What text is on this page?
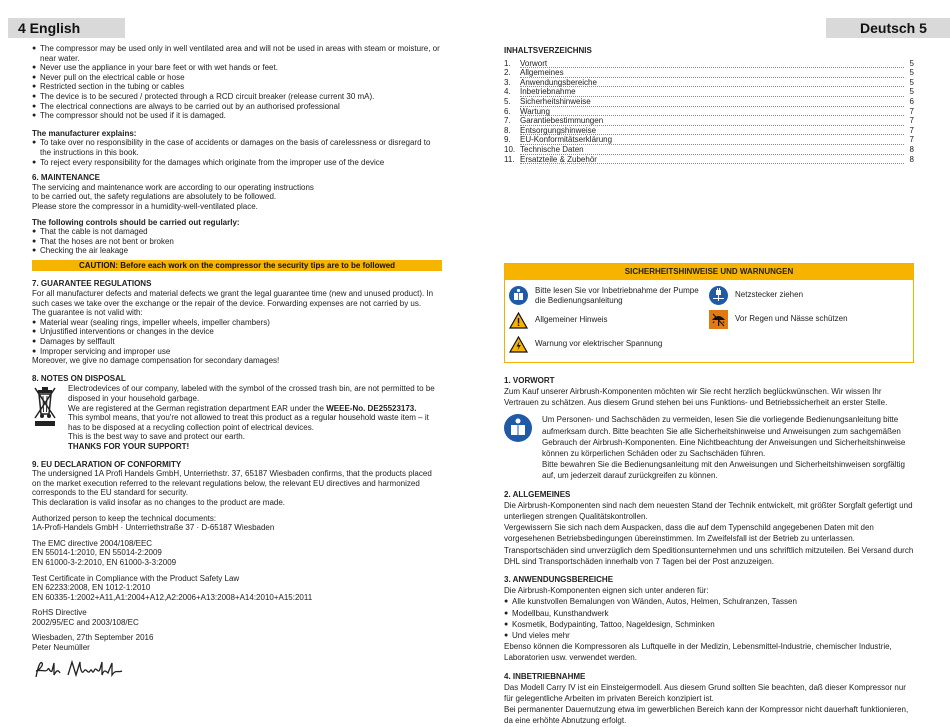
4 English
● The compressor may be used only in well ventilated area and will not be used in areas with steam or moisture, or near water.
● Never use the appliance in your bare feet or with wet hands or feet.
● Never pull on the electrical cable or hose
● Restricted section in the tubing or cables
● The device is to be secured / protected through a RCD circuit breaker (release current 30 mA).
● The electrical connections are always to be carried out by an authorised professional
● The compressor should not be used if it is damaged.
The manufacturer explains:
● To take over no responsibility in the case of accidents or damages on the basis of carelessness or disregard to the instructions in this book.
● To reject every responsibility for the damages which originate from the improper use of the device
6. MAINTENANCE
The servicing and maintenance work are according to our operating instructions
to be carried out, the safety regulations are absolutely to be followed.
Please store the compressor in a humidity-well-ventilated place.
The following controls should be carried out regularly:
● That the cable is not damaged
● That the hoses are not bent or broken
● Checking the air leakage
CAUTION: Before each work on the compressor the security tips are to be followed
7. GUARANTEE REGULATIONS
For all manufacturer defects and material defects we grant the legal guarantee time (new and unused product). In such cases we take over the exchange or the repair of the device. Forwarding expenses are not carried by us.
The guarantee is not valid with:
● Material wear (sealing rings, impeller wheels, impeller chambers)
● Unjustified interventions or changes in the device
● Damages by selffault
● Improper servicing and improper use
Moreover, we give no damage compensation for secondary damages!
8. NOTES ON DISPOSAL
Electrodevices of our company, labeled with the symbol of the crossed trash bin, are not permitted to be disposed in your household garbage.
We are registered at the German registration department EAR under the WEEE-No. DE25523173.
This symbol means, that you're not allowed to treat this product as a regular household waste item – it has to be disposed at a recycling collection point of electrical devices.
This is the best way to save and protect our earth.
THANKS FOR YOUR SUPPORT!
9. EU DECLARATION OF CONFORMITY
The undersigned 1A Profi Handels GmbH, Unterriethstr. 37, 65187 Wiesbaden confirms, that the products placed on the market execution referred to the relevant regulations below, the relevant EU directives and harmonized corresponds to the EU standard for security.
This declaration is valid insofar as no changes to the product are made.
Authorized person to keep the technical documents:
1A-Profi-Handels GmbH · Unterriethstraße 37 · D-65187 Wiesbaden
The EMC directive 2004/108/EEC
EN 55014-1:2010, EN 55014-2:2009
EN 61000-3-2:2010, EN 61000-3-3:2009
Test Certificate in Compliance with the Product Safety Law
EN 62233:2008, EN 1012-1:2010
EN 60335-1:2002+A11,A1:2004+A12,A2:2006+A13:2008+A14:2010+A15:2011
RoHS Directive
2002/95/EC and 2003/108/EC
Wiesbaden, 27th September 2016
Peter Neumüller
Deutsch 5
INHALTSVERZEICHNIS
1.	Vorwort	5
2.	Allgemeines	5
3.	Anwendungsbereiche	5
4.	Inbetriebnahme	5
5.	Sicherheitshinweise	6
6.	Wartung	7
7.	Garantiebestimmungen	7
8.	Entsorgungshinweise	7
9.	EU-Konformitätserklärung	7
10. Technische Daten	8
11. Ersatzteile & Zubehör	8
SICHERHEITSHINWEISE UND WARNUNGEN
Bitte lesen Sie vor Inbetriebnahme der Pumpe die Bedienungsanleitung
Allgemeiner Hinweis
Warnung vor elektrischer Spannung
Netzstecker ziehen
Vor Regen und Nässe schützen
1. VORWORT
Zum Kauf unserer Airbrush-Komponenten möchten wir Sie recht herzlich beglückwünschen. Wir wissen Ihr Vertrauen zu schätzen. Aus diesem Grund stehen bei uns Funktions- und Betriebssicherheit an erster Stelle.
Um Personen- und Sachschäden zu vermeiden, lesen Sie die vorliegende Bedienungsanleitung bitte aufmerksam durch. Bitte beachten Sie alle Sicherheitshinweise und Anweisungen zum sachgemäßen Gebrauch der Airbrush-Komponenten. Eine Nichtbeachtung der Anweisungen und Sicherheitshinweise können zu körperlichen Schäden oder zu Sachschäden führen.
Bitte bewahren Sie die Bedienungsanleitung mit den Anweisungen und Sicherheitshinweisen sorgfältig auf, um jederzeit darauf zurückgreifen zu können.
2. ALLGEMEINES
Die Airbrush-Komponenten sind nach dem neuesten Stand der Technik entwickelt, mit größter Sorgfalt gefertigt und unterliegen strengen Qualitätskontrollen.
Vergewissern Sie sich nach dem Auspacken, dass die auf dem Typenschild angegebenen Daten mit den vorgesehenen Betriebsbedingungen übereinstimmen. Im Zweifelsfall ist der Betrieb zu unterlassen.
Transportschäden sind unverzüglich dem Speditionsunternehmen und uns schriftlich mitzuteilen. Bei Versand durch DHL sind Transportschäden innerhalb von 7 Tagen bei der Post anzuzeigen.
3. ANWENDUNGSBEREICHE
Die Airbrush-Komponenten eignen sich unter anderen für:
● Alle kunstvollen Bemalungen von Wänden, Autos, Helmen, Schulranzen, Tassen
● Modellbau, Kunsthandwerk
● Kosmetik, Bodypainting, Tattoo, Nageldesign, Schminken
● Und vieles mehr
Ebenso können die Kompressoren als Luftquelle in der Medizin, Lebensmittel-Industrie, chemischer Industrie, Laboratorien usw. verwendet werden.
4. INBETRIEBNAHME
Das Modell Carry IV ist ein Einsteigermodell. Aus diesem Grund sollten Sie beachten, daß dieser Kompressor nur für gelegentliche Arbeiten im privaten Bereich konzipiert ist.
Bei permanenter Dauernutzung etwa im gewerblichen Bereich kann der Kompressor nicht dauerhaft funktionieren, da eine erhöhte Abnutzung erfolgt.
